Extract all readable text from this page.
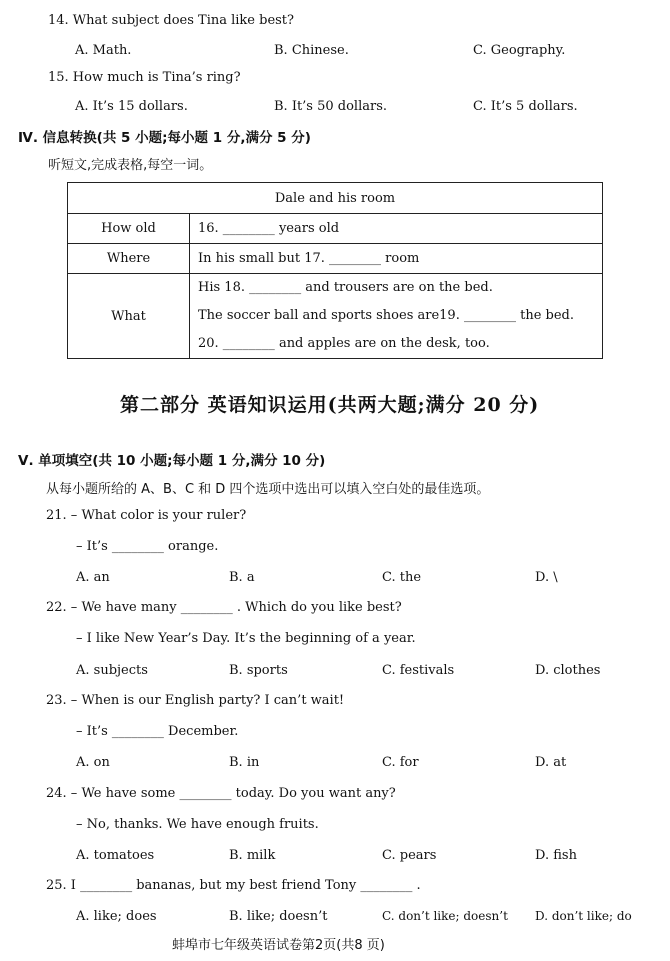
14. What subject does Tina like best?
A. Math.	B. Chinese.	C. Geography.
15. How much is Tina’s ring?
A. It’s 15 dollars.	B. It’s 50 dollars.	C. It’s 5 dollars.
Ⅳ. 信息转换(共 5 小题;每小题 1 分,满分 5 分)
听短文,完成表格,每空一词。
Dale and his room	
How old	16. ________ years old
Where	In his small but 17. ________ room
What	His 18. ________ and trousers are on the bed.
The soccer ball and sports shoes are19. ________ the bed.
20. ________ and apples are on the desk, too.
第二部分 英语知识运用(共两大题;满分 20 分)
Ⅴ. 单项填空(共 10 小题;每小题 1 分,满分 10 分)
从每小题所给的 A、B、C 和 D 四个选项中选出可以填入空白处的最佳选项。
21. – What color is your ruler?
– It’s ________ orange.
A. an	B. a	C. the	D. \
22. – We have many ________ . Which do you like best?
– I like New Year’s Day. It’s the beginning of a year.
A. subjects	B. sports	C. festivals	D. clothes
23. – When is our English party? I can’t wait!
– It’s ________ December.
A. on	B. in	C. for	D. at
24. – We have some ________ today. Do you want any?
– No, thanks. We have enough fruits.
A. tomatoes	B. milk	C. pears	D. fish
25. I ________ bananas, but my best friend Tony ________ .
A. like; does	B. like; doesn’t	C. don’t like; doesn’t D. don’t like; do
蚌埠市七年级英语试卷第2页(共8 页)
